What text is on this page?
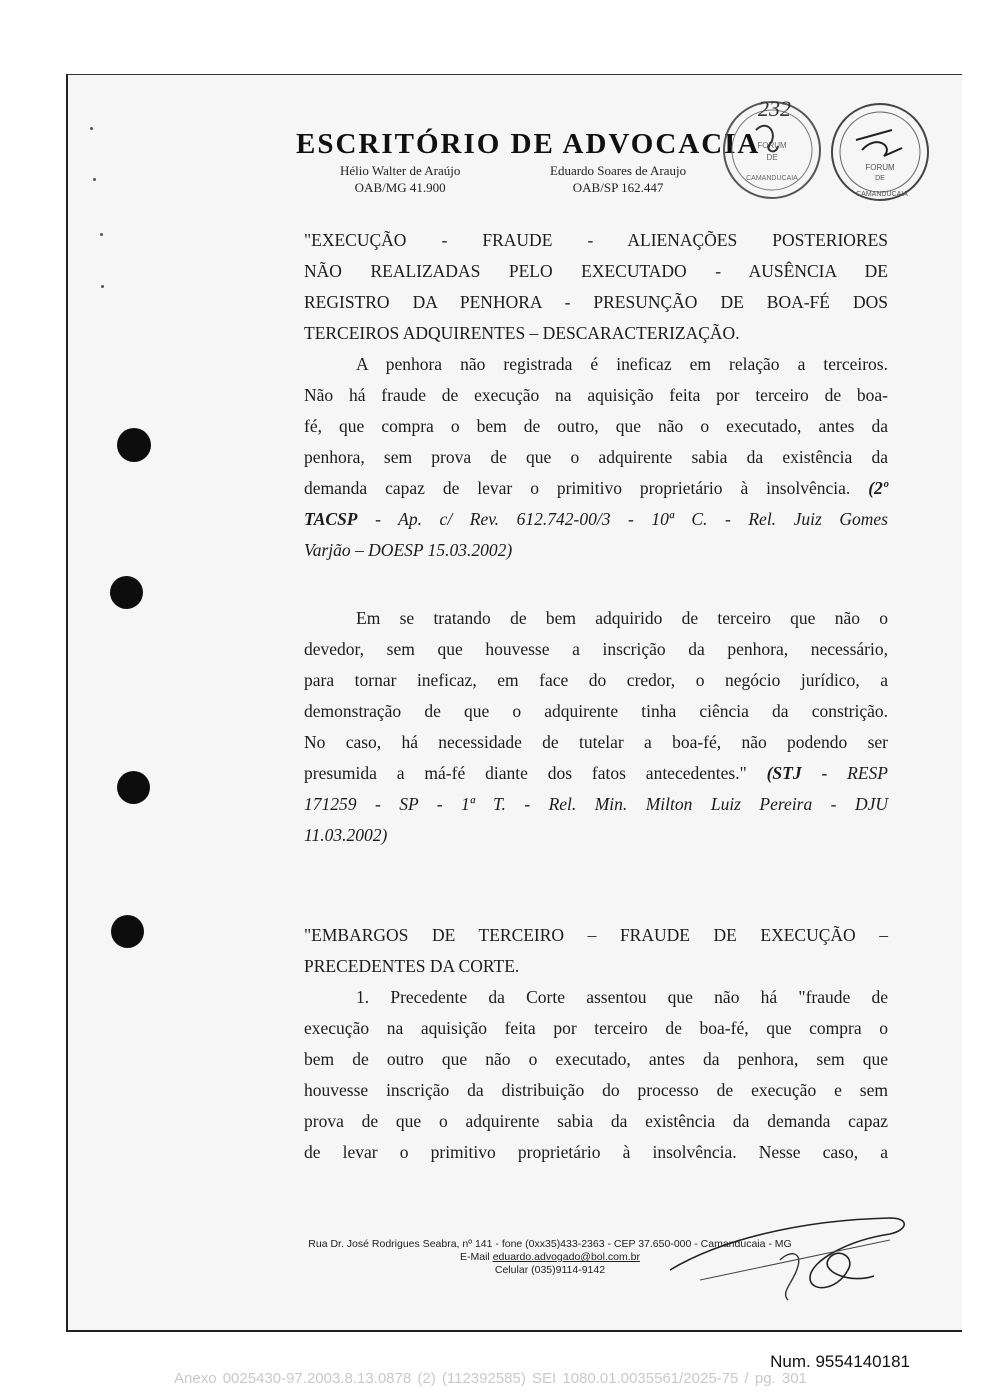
ESCRITÓRIO DE ADVOCACIA
Hélio Walter de Araújo
OAB/MG 41.900
Eduardo Soares de Araujo
OAB/SP 162.447
FORUM
DE
CAMANDUCAIA
232
FORUM
DE
CAMANDUCAIA

"EXECUÇÃO - FRAUDE - ALIENAÇÕES POSTERIORES

NÃO REALIZADAS PELO EXECUTADO - AUSÊNCIA DE

REGISTRO DA PENHORA - PRESUNÇÃO DE BOA-FÉ DOS

TERCEIROS ADQUIRENTES – DESCARACTERIZAÇÃO.

A penhora não registrada é ineficaz em relação a terceiros.

Não há fraude de execução na aquisição feita por terceiro de boa-

fé, que compra o bem de outro, que não o executado, antes da

penhora, sem prova de que o adquirente sabia da existência da

demanda capaz de levar o primitivo proprietário à insolvência. (2º

TACSP - Ap. c/ Rev. 612.742-00/3 - 10ª C. - Rel. Juiz Gomes

Varjão – DOESP 15.03.2002)

Em se tratando de bem adquirido de terceiro que não o

devedor, sem que houvesse a inscrição da penhora, necessário,

para tornar ineficaz, em face do credor, o negócio jurídico, a

demonstração de que o adquirente tinha ciência da constrição.

No caso, há necessidade de tutelar a boa-fé, não podendo ser

presumida a má-fé diante dos fatos antecedentes." (STJ - RESP

171259 - SP - 1ª T. - Rel. Min. Milton Luiz Pereira - DJU

11.03.2002)

"EMBARGOS DE TERCEIRO – FRAUDE DE EXECUÇÃO –

PRECEDENTES DA CORTE.

1. Precedente da Corte assentou que não há "fraude de

execução na aquisição feita por terceiro de boa-fé, que compra o

bem de outro que não o executado, antes da penhora, sem que

houvesse inscrição da distribuição do processo de execução e sem

prova de que o adquirente sabia da existência da demanda capaz

de levar o primitivo proprietário à insolvência. Nesse caso, a

Rua Dr. José Rodrigues Seabra, nº 141 - fone (0xx35)433-2363 - CEP 37.650-000 - Camanducaia - MG
E-Mail eduardo.advogado@bol.com.br
Celular (035)9114-9142
Num. 9554140181
Anexo 0025430-97.2003.8.13.0878 (2) (112392585) SEI 1080.01.0035561/2025-75 / pg. 301
